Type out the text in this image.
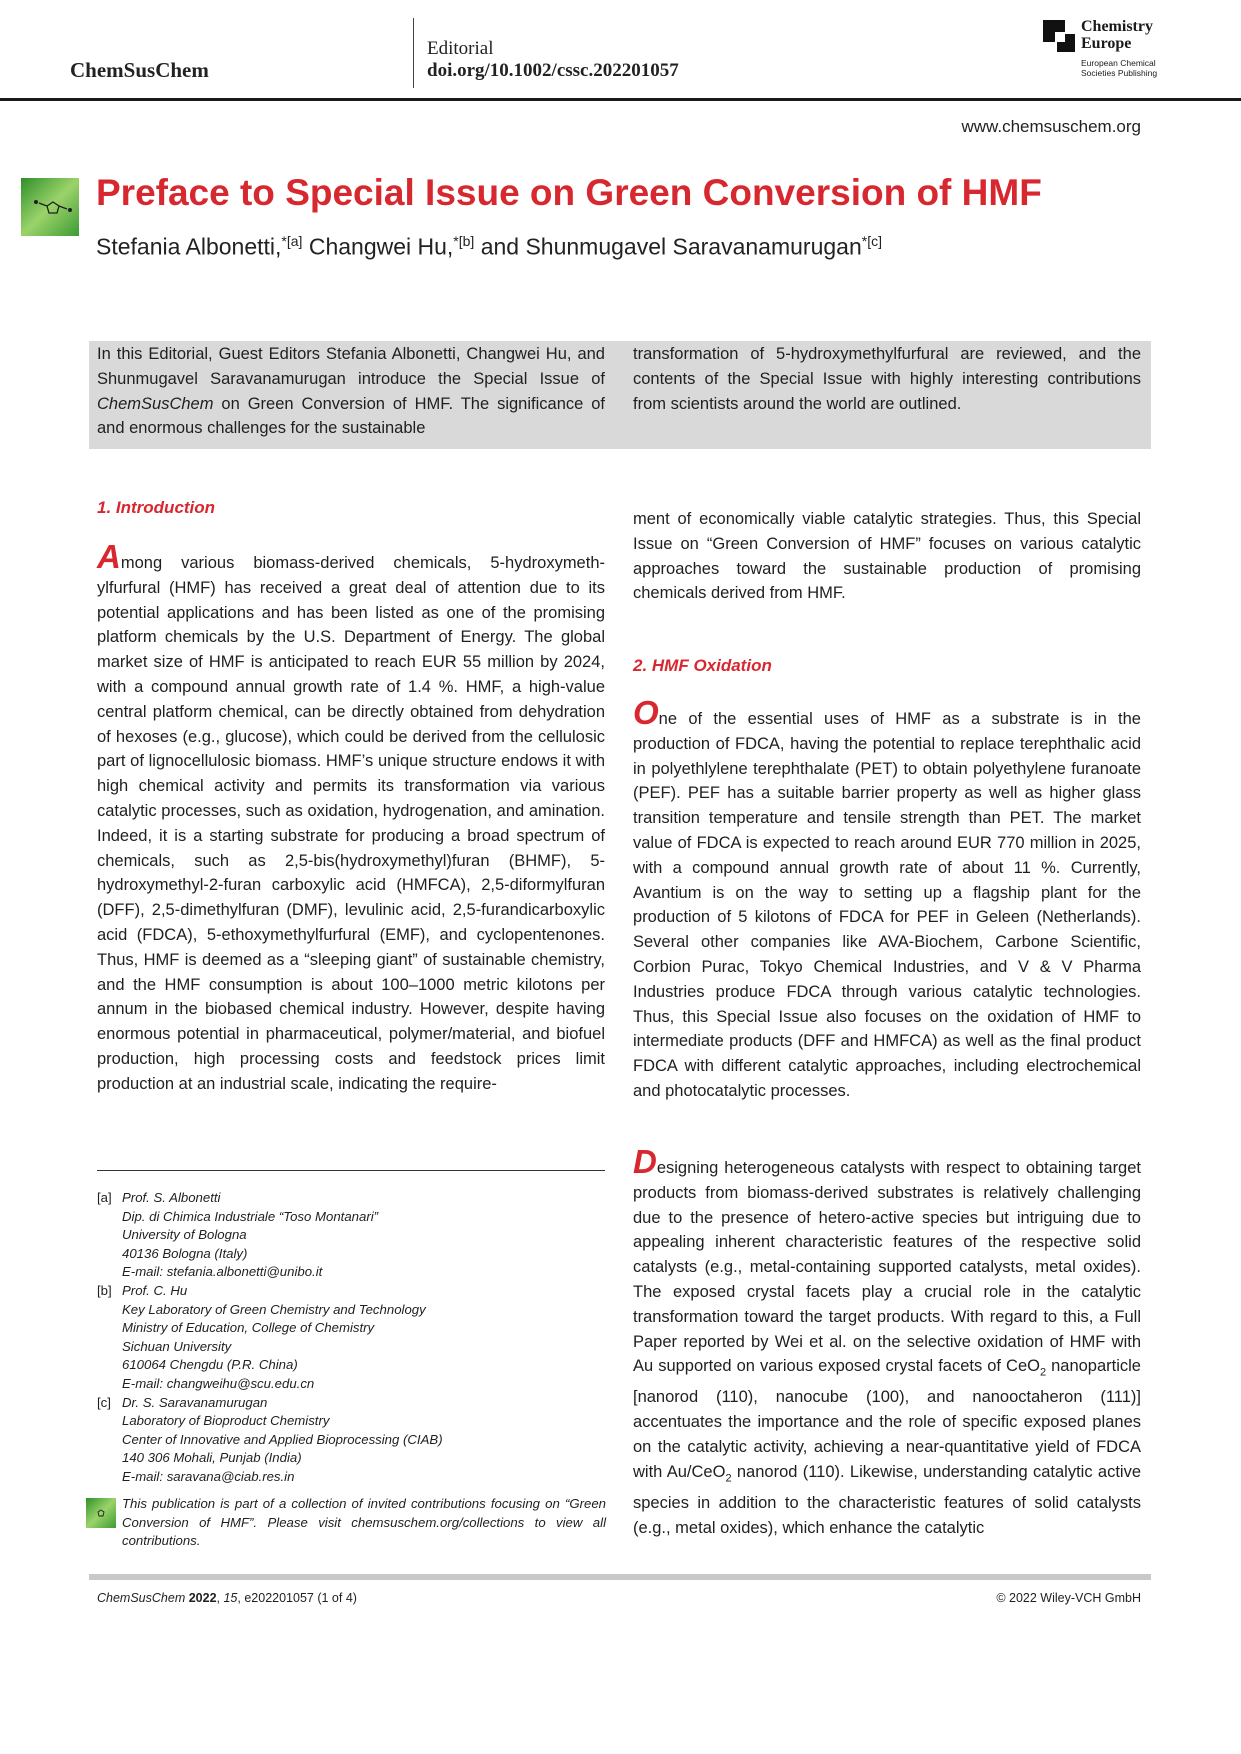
ChemSusChem
Editorial
doi.org/10.1002/cssc.202201057
Chemistry
Europe
European Chemical
Societies Publishing
www.chemsuschem.org
Preface to Special Issue on Green Conversion of HMF
Stefania Albonetti,$^{*[a]}$ Changwei Hu,$^{*[b]}$ and Shunmugavel Saravanamurugan$^{*[c]}$

In this Editorial, Guest Editors Stefania Albonetti, Changwei Hu, and Shunmugavel Saravanamurugan introduce the Special Issue of ChemSusChem on Green Conversion of HMF. The significance of and enormous challenges for the sustainable

transformation of 5-hydroxymethylfurfural are reviewed, and the contents of the Special Issue with highly interesting contributions from scientists around the world are outlined.

1. Introduction
2. HMF Oxidation

Among various biomass-derived chemicals, 5-hydroxymethylfurfural (HMF) has received a great deal of attention due to its potential applications and has been listed as one of the promising platform chemicals by the U.S. Department of Energy. The global market size of HMF is anticipated to reach EUR 55 million by 2024, with a compound annual growth rate of 1.4 %. HMF, a high-value central platform chemical, can be directly obtained from dehydration of hexoses (e.g., glucose), which could be derived from the cellulosic part of lignocellulosic biomass. HMF’s unique structure endows it with high chemical activity and permits its transformation via various catalytic processes, such as oxidation, hydrogenation, and amination. Indeed, it is a starting substrate for producing a broad spectrum of chemicals, such as 2,5-bis(hydroxymethyl)furan (BHMF), 5-hydroxymethyl-2-furan carboxylic acid (HMFCA), 2,5-diformylfuran (DFF), 2,5-dimethylfuran (DMF), levulinic acid, 2,5-furandicarboxylic acid (FDCA), 5-ethoxymethylfurfural (EMF), and cyclopentenones. Thus, HMF is deemed as a “sleeping giant” of sustainable chemistry, and the HMF consumption is about 100–1000 metric kilotons per annum in the biobased chemical industry. However, despite having enormous potential in pharmaceutical, polymer/material, and biofuel production, high processing costs and feedstock prices limit production at an industrial scale, indicating the require-

ment of economically viable catalytic strategies. Thus, this Special Issue on “Green Conversion of HMF” focuses on various catalytic approaches toward the sustainable production of promising chemicals derived from HMF.

One of the essential uses of HMF as a substrate is in the production of FDCA, having the potential to replace terephthalic acid in polyethlylene terephthalate (PET) to obtain polyethylene furanoate (PEF). PEF has a suitable barrier property as well as higher glass transition temperature and tensile strength than PET. The market value of FDCA is expected to reach around EUR 770 million in 2025, with a compound annual growth rate of about 11 %. Currently, Avantium is on the way to setting up a flagship plant for the production of 5 kilotons of FDCA for PEF in Geleen (Netherlands). Several other companies like AVA-Biochem, Carbone Scientific, Corbion Purac, Tokyo Chemical Industries, and V & V Pharma Industries produce FDCA through various catalytic technologies. Thus, this Special Issue also focuses on the oxidation of HMF to intermediate products (DFF and HMFCA) as well as the final product FDCA with different catalytic approaches, including electrochemical and photocatalytic processes.

Designing heterogeneous catalysts with respect to obtaining target products from biomass-derived substrates is relatively challenging due to the presence of hetero-active species but intriguing due to appealing inherent characteristic features of the respective solid catalysts (e.g., metal-containing supported catalysts, metal oxides). The exposed crystal facets play a crucial role in the catalytic transformation toward the target products. With regard to this, a Full Paper reported by Wei et al. on the selective oxidation of HMF with Au supported on various exposed crystal facets of CeO$_2$ nanoparticle [nanorod (110), nanocube (100), and nanooctaheron (111)] accentuates the importance and the role of specific exposed planes on the catalytic activity, achieving a near-quantitative yield of FDCA with Au/CeO$_2$ nanorod (110). Likewise, understanding catalytic active species in addition to the characteristic features of solid catalysts (e.g., metal oxides), which enhance the catalytic

[a] Prof. S. Albonetti
Dip. di Chimica Industriale “Toso Montanari”
University of Bologna
40136 Bologna (Italy)
E-mail: stefania.albonetti@unibo.it
[b] Prof. C. Hu
Key Laboratory of Green Chemistry and Technology
Ministry of Education, College of Chemistry
Sichuan University
610064 Chengdu (P.R. China)
E-mail: changweihu@scu.edu.cn
[c] Dr. S. Saravanamurugan
Laboratory of Bioproduct Chemistry
Center of Innovative and Applied Bioprocessing (CIAB)
140 306 Mohali, Punjab (India)
E-mail: saravana@ciab.res.in
This publication is part of a collection of invited contributions focusing on “Green Conversion of HMF”. Please visit chemsuschem.org/collections to view all contributions.
ChemSusChem 2022, 15, e202201057 (1 of 4)	© 2022 Wiley-VCH GmbH
